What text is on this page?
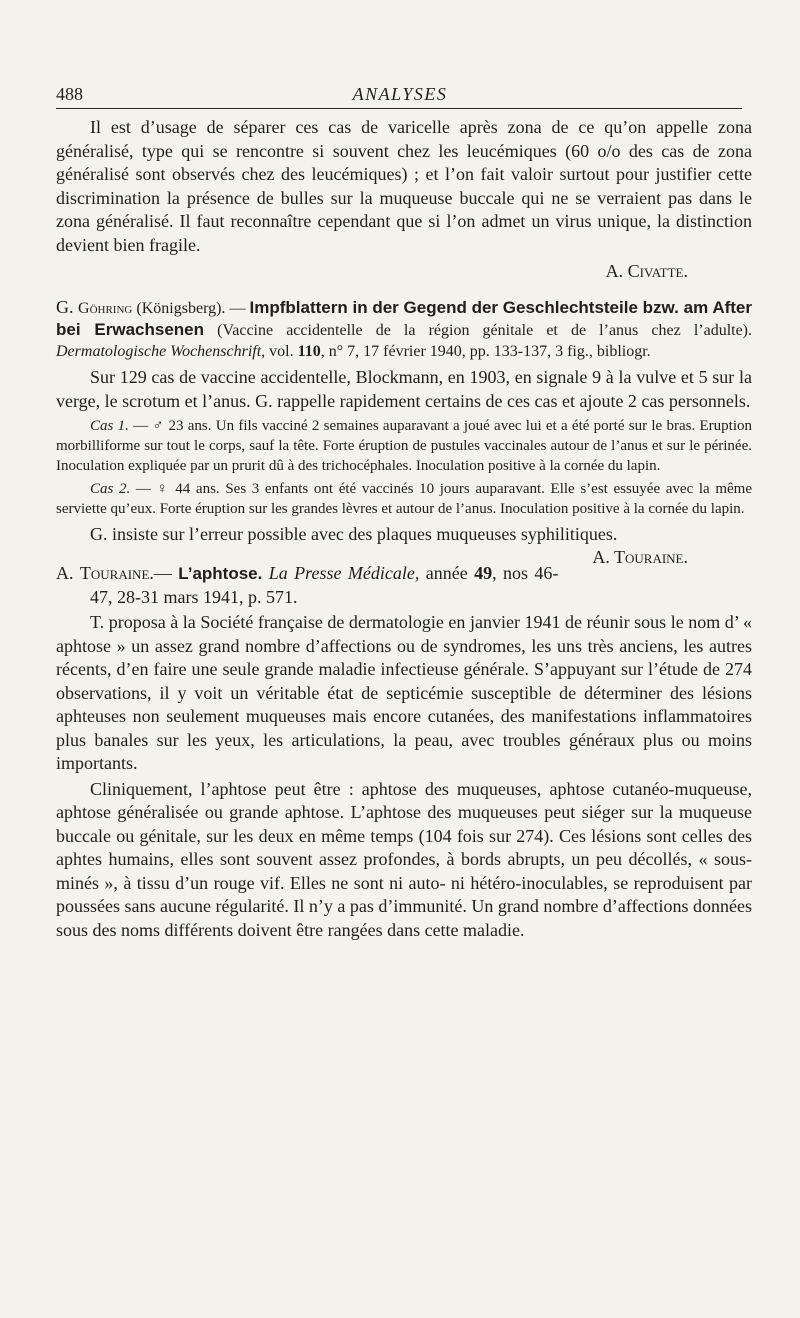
488	ANALYSES

Il est d’usage de séparer ces cas de varicelle après zona de ce qu’on appelle zona généralisé, type qui se rencontre si souvent chez les leucémiques (60 o/o des cas de zona généralisé sont observés chez des leucémiques) ; et l’on fait valoir surtout pour justifier cette discrimination la présence de bulles sur la muqueuse buccale qui ne se verraient pas dans le zona généralisé. Il faut reconnaître cependant que si l’on admet un virus unique, la distinction devient bien fragile.

A. Civatte.

G. Göhring (Königsberg). — Impfblattern in der Gegend der Geschlechtsteile bzw. am After bei Erwachsenen (Vaccine accidentelle de la région génitale et de l’anus chez l’adulte). Dermatologische Wochenschrift, vol. 110, n° 7, 17 février 1940, pp. 133-137, 3 fig., bibliogr.

Sur 129 cas de vaccine accidentelle, Blockmann, en 1903, en signale 9 à la vulve et 5 sur la verge, le scrotum et l’anus. G. rappelle rapidement certains de ces cas et ajoute 2 cas personnels.

Cas 1. — ♂ 23 ans. Un fils vacciné 2 semaines auparavant a joué avec lui et a été porté sur le bras. Eruption morbilliforme sur tout le corps, sauf la tête. Forte éruption de pustules vaccinales autour de l’anus et sur le périnée. Inoculation expliquée par un prurit dû à des trichocéphales. Inoculation positive à la cornée du lapin.

Cas 2. — ♀ 44 ans. Ses 3 enfants ont été vaccinés 10 jours auparavant. Elle s’est essuyée avec la même serviette qu’eux. Forte éruption sur les grandes lèvres et autour de l’anus. Inoculation positive à la cornée du lapin.

G. insiste sur l’erreur possible avec des plaques muqueuses syphilitiques.
A. Touraine.

A. Touraine.— L’aphtose. La Presse Médicale, année 49, nos 46-47, 28-31 mars 1941, p. 571.

T. proposa à la Société française de dermatologie en janvier 1941 de réunir sous le nom d’ « aphtose » un assez grand nombre d’affections ou de syndromes, les uns très anciens, les autres récents, d’en faire une seule grande maladie infectieuse générale. S’appuyant sur l’étude de 274 observations, il y voit un véritable état de septicémie susceptible de déterminer des lésions aphteuses non seulement muqueuses mais encore cutanées, des manifestations inflammatoires plus banales sur les yeux, les articulations, la peau, avec troubles généraux plus ou moins importants.

Cliniquement, l’aphtose peut être : aphtose des muqueuses, aphtose cutanéo-muqueuse, aphtose généralisée ou grande aphtose. L’aphtose des muqueuses peut siéger sur la muqueuse buccale ou génitale, sur les deux en même temps (104 fois sur 274). Ces lésions sont celles des aphtes humains, elles sont souvent assez profondes, à bords abrupts, un peu décollés, « sous-minés », à tissu d’un rouge vif. Elles ne sont ni auto- ni hétéro-inoculables, se reproduisent par poussées sans aucune régularité. Il n’y a pas d’immunité. Un grand nombre d’affections données sous des noms différents doivent être rangées dans cette maladie.
